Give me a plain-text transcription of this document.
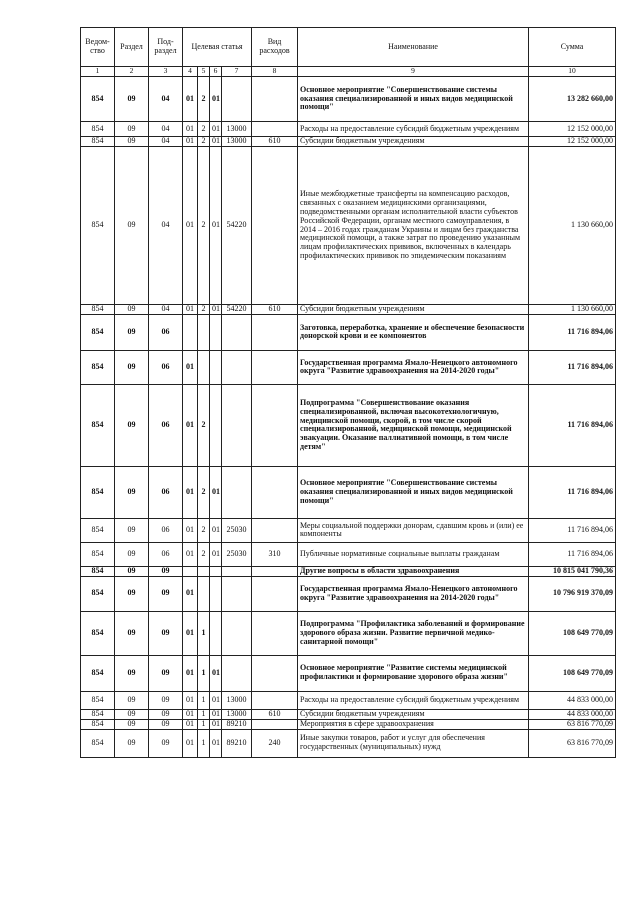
Ведом-ство	Раздел	Под-раздел	Целевая статья				Вид расходов	Наименование	Сумма
1	2	3	4	5	6	7	8	9	10
854	09	04	01	2	01			Основное мероприятие "Совершенствование системы оказания специализированной и иных видов медицинской помощи"	13 282 660,00
854	09	04	01	2	01	13000		Расходы на предоставление субсидий бюджетным учреждениям	12 152 000,00
854	09	04	01	2	01	13000	610	Субсидии бюджетным учреждениям	12 152 000,00
854	09	04	01	2	01	54220		Иные межбюджетные трансферты на компенсацию расходов, связанных с оказанием медицинскими организациями, подведомственными органам исполнительной власти субъектов Российской Федерации, органам местного самоуправления, в 2014 – 2016 годах гражданам Украины и лицам без гражданства медицинской помощи, а также затрат по проведению указанным лицам профилактических прививок, включенных в календарь профилактических прививок по эпидемическим показаниям	1 130 660,00
854	09	04	01	2	01	54220	610	Субсидии бюджетным учреждениям	1 130 660,00
854	09	06						Заготовка, переработка, хранение и обеспечение безопасности донорской крови и ее компонентов	11 716 894,06
854	09	06	01					Государственная программа Ямало-Ненецкого автономного округа "Развитие здравоохранения на 2014-2020 годы"	11 716 894,06
854	09	06	01	2				Подпрограмма "Совершенствование оказания специализированной, включая высокотехнологичную, медицинской помощи, скорой, в том числе скорой специализированной, медицинской помощи, медицинской эвакуации. Оказание паллиативной помощи, в том числе детям"	11 716 894,06
854	09	06	01	2	01			Основное мероприятие "Совершенствование системы оказания специализированной и иных видов медицинской помощи"	11 716 894,06
854	09	06	01	2	01	25030		Меры социальной поддержки донорам, сдавшим кровь и (или) ее компоненты	11 716 894,06
854	09	06	01	2	01	25030	310	Публичные нормативные социальные выплаты гражданам	11 716 894,06
854	09	09						Другие вопросы в области здравоохранения	10 815 041 790,36
854	09	09	01					Государственная программа Ямало-Ненецкого автономного округа "Развитие здравоохранения на 2014-2020 годы"	10 796 919 370,09
854	09	09	01	1				Подпрограмма "Профилактика заболеваний и формирование здорового образа жизни. Развитие первичной медико-санитарной помощи"	108 649 770,09
854	09	09	01	1	01			Основное мероприятие "Развитие системы медицинской профилактики и формирование здорового образа жизни"	108 649 770,09
854	09	09	01	1	01	13000		Расходы на предоставление субсидий бюджетным учреждениям	44 833 000,00
854	09	09	01	1	01	13000	610	Субсидии бюджетным учреждениям	44 833 000,00
854	09	09	01	1	01	89210		Мероприятия в сфере здравоохранения	63 816 770,09
854	09	09	01	1	01	89210	240	Иные закупки товаров, работ и услуг для обеспечения государственных (муниципальных) нужд	63 816 770,09
